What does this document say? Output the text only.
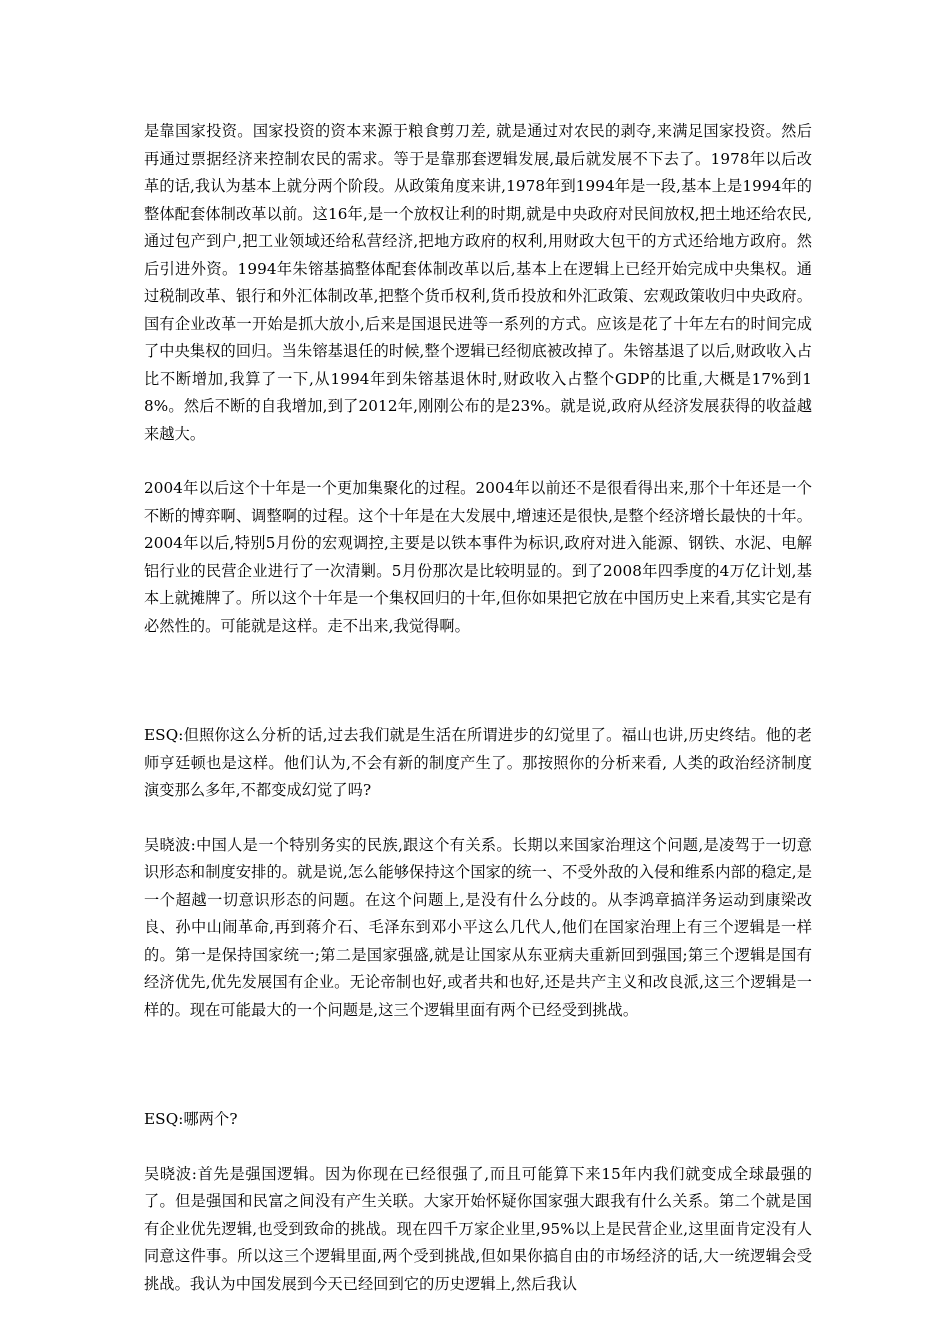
是靠国家投资。国家投资的资本来源于粮食剪刀差, 就是通过对农民的剥夺,来满足国家投资。然后再通过票据经济来控制农民的需求。等于是靠那套逻辑发展,最后就发展不下去了。1978年以后改革的话,我认为基本上就分两个阶段。从政策角度来讲,1978年到1994年是一段,基本上是1994年的整体配套体制改革以前。这16年,是一个放权让利的时期,就是中央政府对民间放权,把土地还给农民,通过包产到户,把工业领域还给私营经济,把地方政府的权利,用财政大包干的方式还给地方政府。然后引进外资。1994年朱镕基搞整体配套体制改革以后,基本上在逻辑上已经开始完成中央集权。通过税制改革、银行和外汇体制改革,把整个货币权利,货币投放和外汇政策、宏观政策收归中央政府。国有企业改革一开始是抓大放小,后来是国退民进等一系列的方式。应该是花了十年左右的时间完成了中央集权的回归。当朱镕基退任的时候,整个逻辑已经彻底被改掉了。朱镕基退了以后,财政收入占比不断增加,我算了一下,从1994年到朱镕基退休时,财政收入占整个GDP的比重,大概是17%到18%。然后不断的自我增加,到了2012年,刚刚公布的是23%。就是说,政府从经济发展获得的收益越来越大。

2004年以后这个十年是一个更加集聚化的过程。2004年以前还不是很看得出来,那个十年还是一个不断的博弈啊、调整啊的过程。这个十年是在大发展中,增速还是很快,是整个经济增长最快的十年。2004年以后,特别5月份的宏观调控,主要是以铁本事件为标识,政府对进入能源、钢铁、水泥、电解铝行业的民营企业进行了一次清剿。5月份那次是比较明显的。到了2008年四季度的4万亿计划,基本上就摊牌了。所以这个十年是一个集权回归的十年,但你如果把它放在中国历史上来看,其实它是有必然性的。可能就是这样。走不出来,我觉得啊。

ESQ:但照你这么分析的话,过去我们就是生活在所谓进步的幻觉里了。福山也讲,历史终结。他的老师亨廷顿也是这样。他们认为,不会有新的制度产生了。那按照你的分析来看, 人类的政治经济制度演变那么多年,不都变成幻觉了吗?

吴晓波:中国人是一个特别务实的民族,跟这个有关系。长期以来国家治理这个问题,是凌驾于一切意识形态和制度安排的。就是说,怎么能够保持这个国家的统一、不受外敌的入侵和维系内部的稳定,是一个超越一切意识形态的问题。在这个问题上,是没有什么分歧的。从李鸿章搞洋务运动到康梁改良、孙中山闹革命,再到蒋介石、毛泽东到邓小平这么几代人,他们在国家治理上有三个逻辑是一样的。第一是保持国家统一;第二是国家强盛,就是让国家从东亚病夫重新回到强国;第三个逻辑是国有经济优先,优先发展国有企业。无论帝制也好,或者共和也好,还是共产主义和改良派,这三个逻辑是一样的。现在可能最大的一个问题是,这三个逻辑里面有两个已经受到挑战。

ESQ:哪两个?

吴晓波:首先是强国逻辑。因为你现在已经很强了,而且可能算下来15年内我们就变成全球最强的了。但是强国和民富之间没有产生关联。大家开始怀疑你国家强大跟我有什么关系。第二个就是国有企业优先逻辑,也受到致命的挑战。现在四千万家企业里,95%以上是民营企业,这里面肯定没有人同意这件事。所以这三个逻辑里面,两个受到挑战,但如果你搞自由的市场经济的话,大一统逻辑会受挑战。我认为中国发展到今天已经回到它的历史逻辑上,然后我认
